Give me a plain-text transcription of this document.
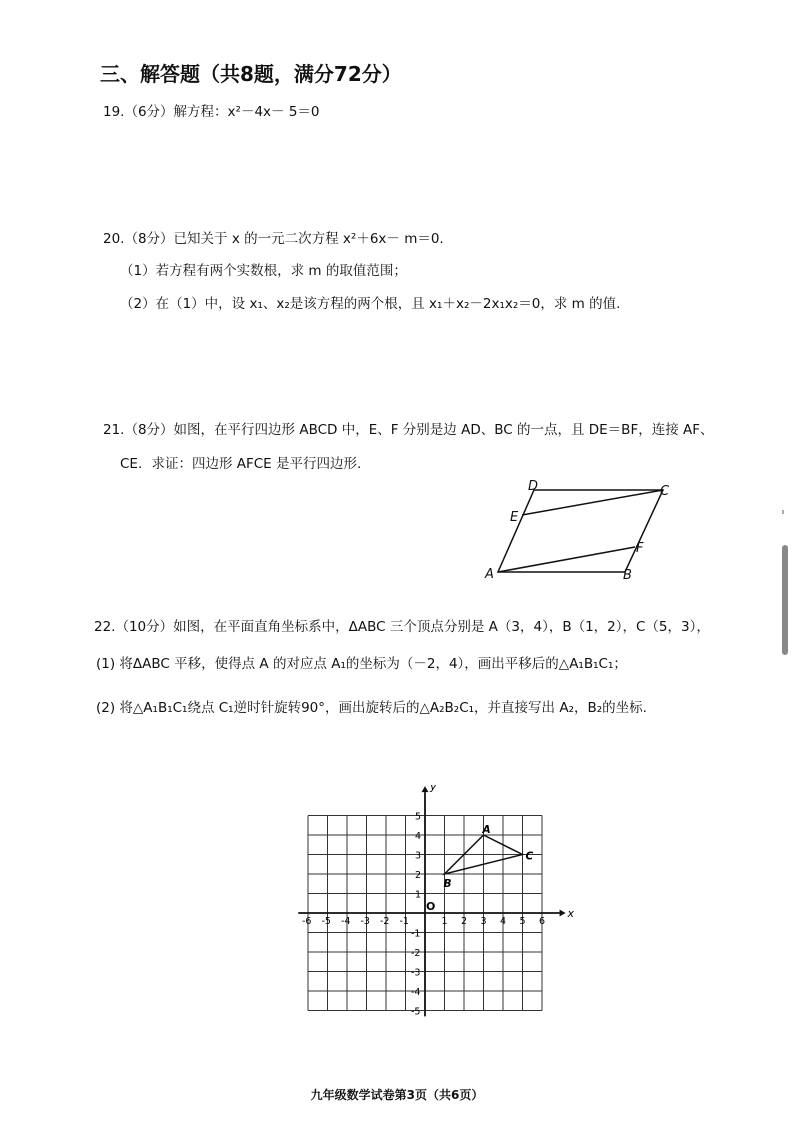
三、解答题（共8题，满分72分）
19.（6分）解方程：x²－4x－ 5＝0
20.（8分）已知关于 x 的一元二次方程 x²＋6x－ m＝0.
（1）若方程有两个实数根，求 m 的取值范围；
（2）在（1）中，设 x₁、x₂是该方程的两个根，且 x₁＋x₂－2x₁x₂＝0，求 m 的值.
21.（8分）如图，在平行四边形 ABCD 中，E、F 分别是边 AD、BC 的一点，且 DE＝BF，连接 AF、
CE．求证：四边形 AFCE 是平行四边形.
D	C
E
F
A	B
22.（10分）如图，在平面直角坐标系中，ΔABC 三个顶点分别是 A（3，4），B（1，2），C（5，3），
(1) 将ΔABC 平移，使得点 A 的对应点 A₁的坐标为（－2，4），画出平移后的△A₁B₁C₁；
(2) 将△A₁B₁C₁绕点 C₁逆时针旋转90°，画出旋转后的△A₂B₂C₁，并直接写出 A₂，B₂的坐标.
x
y
O
-6 -5 -4 -3 -2 -1	1 2 3 4 5 6
5
4
3
2
1
-1
-2
-3
-4
-5
A
B
C
九年级数学试卷第3页（共6页）
